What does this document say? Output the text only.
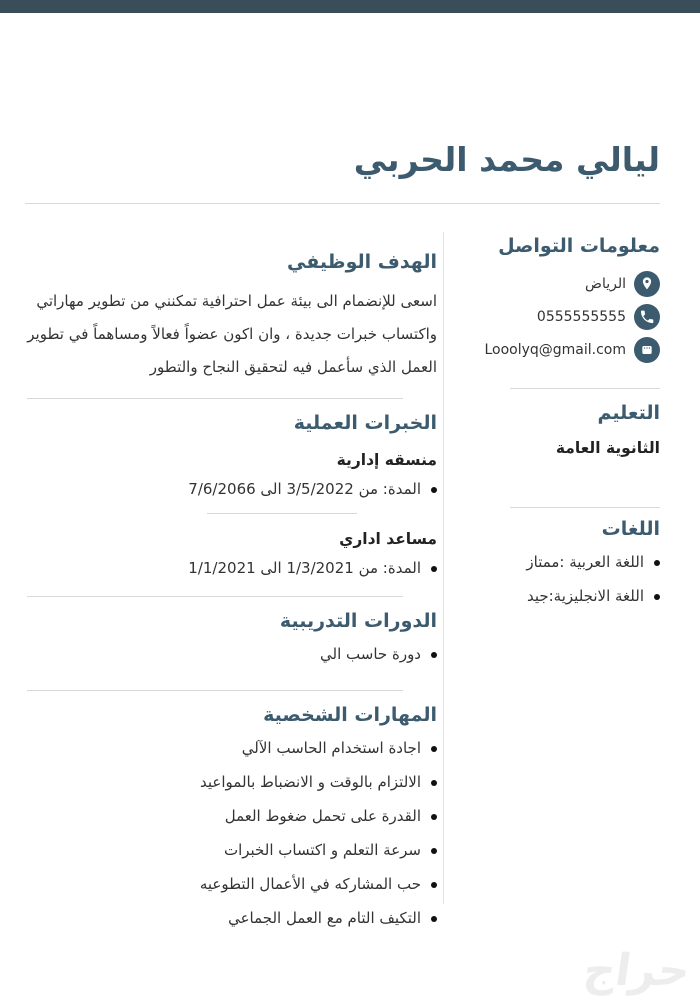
ليالي محمد الحربي
معلومات التواصل
الرياض
0555555555
Looolyq@gmail.com
التعليم
الثانوية العامة
اللغات
اللغة العربية :ممتاز
اللغة الانجليزية:جيد
الهدف الوظيفي

اسعى للإنضمام الى بيئة عمل احترافية تمكنني من تطوير مهاراتي واكتساب خبرات جديدة ، وان اكون عضواً فعالاً ومساهماً في تطوير العمل الذي سأعمل فيه لتحقيق النجاح والتطور

الخبرات العملية
منسقه إدارية
المدة: من 3/5/2022 الى 7/6/2066
مساعد اداري
المدة: من 1/3/2021 الى 1/1/2021
الدورات التدريبية
دورة حاسب الي
المهارات الشخصية
اجادة استخدام الحاسب الآلي
الالتزام بالوقت و الانضباط بالمواعيد
القدرة على تحمل ضغوط العمل
سرعة التعلم و اكتساب الخبرات
حب المشاركه في الأعمال التطوعيه
التكيف التام مع العمل الجماعي
حراج
